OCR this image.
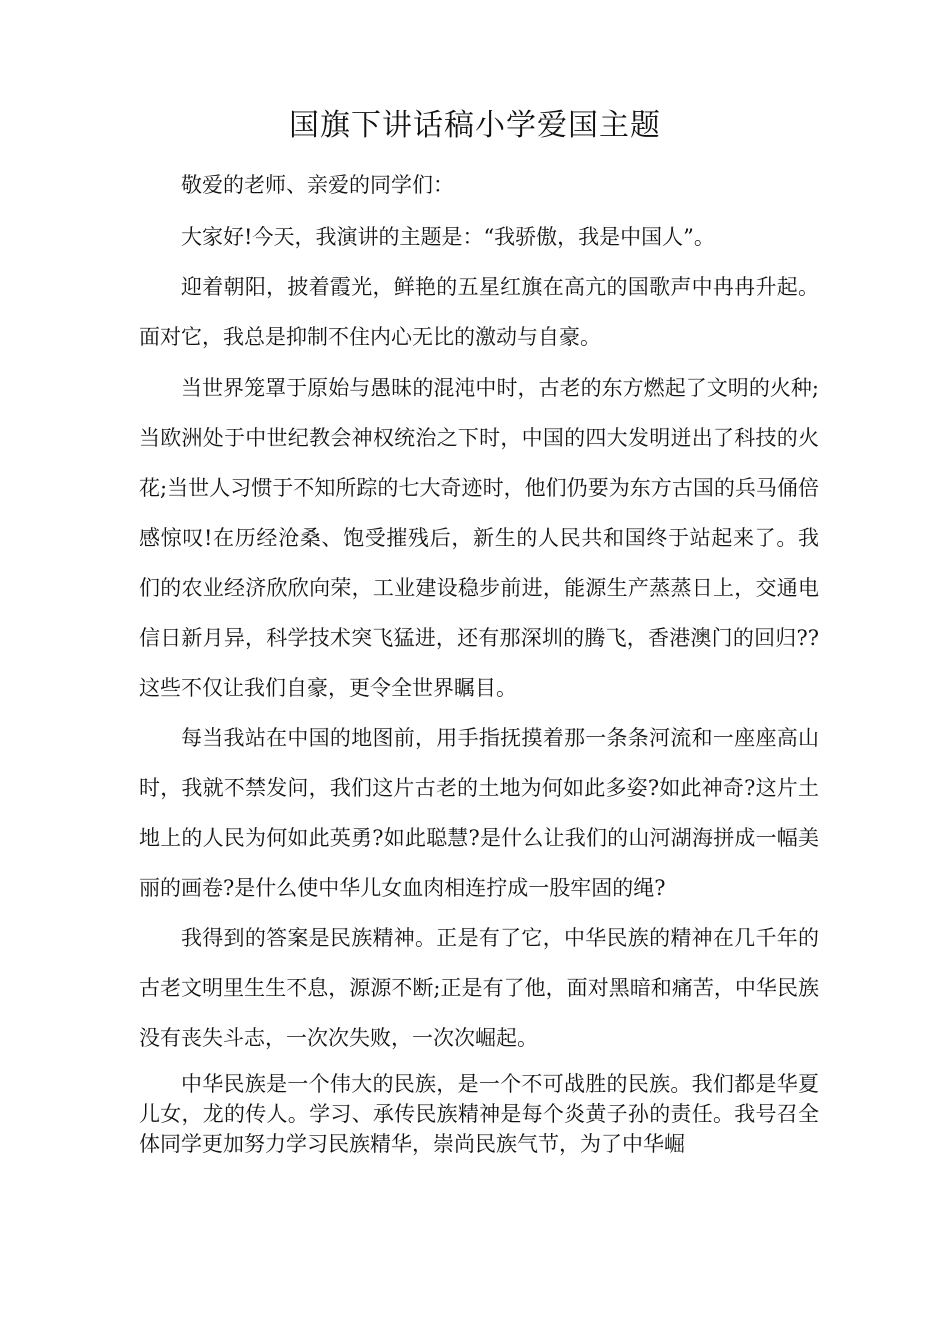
国旗下讲话稿小学爱国主题

敬爱的老师、亲爱的同学们：

大家好!今天，我演讲的主题是：“我骄傲，我是中国人”。

迎着朝阳，披着霞光，鲜艳的五星红旗在高亢的国歌声中冉冉升起。面对它，我总是抑制不住内心无比的激动与自豪。

当世界笼罩于原始与愚昧的混沌中时，古老的东方燃起了文明的火种;当欧洲处于中世纪教会神权统治之下时，中国的四大发明迸出了科技的火花;当世人习惯于不知所踪的七大奇迹时，他们仍要为东方古国的兵马俑倍感惊叹!在历经沧桑、饱受摧残后，新生的人民共和国终于站起来了。我们的农业经济欣欣向荣，工业建设稳步前进，能源生产蒸蒸日上，交通电信日新月异，科学技术突飞猛进，还有那深圳的腾飞，香港澳门的回归??这些不仅让我们自豪，更令全世界瞩目。

每当我站在中国的地图前，用手指抚摸着那一条条河流和一座座高山时，我就不禁发问，我们这片古老的土地为何如此多姿?如此神奇?这片土地上的人民为何如此英勇?如此聪慧?是什么让我们的山河湖海拼成一幅美丽的画卷?是什么使中华儿女血肉相连拧成一股牢固的绳?

我得到的答案是民族精神。正是有了它，中华民族的精神在几千年的古老文明里生生不息，源源不断;正是有了他，面对黑暗和痛苦，中华民族没有丧失斗志，一次次失败，一次次崛起。

中华民族是一个伟大的民族，是一个不可战胜的民族。我们都是华夏儿女，龙的传人。学习、承传民族精神是每个炎黄子孙的责任。我号召全体同学更加努力学习民族精华，崇尚民族气节，为了中华崛
